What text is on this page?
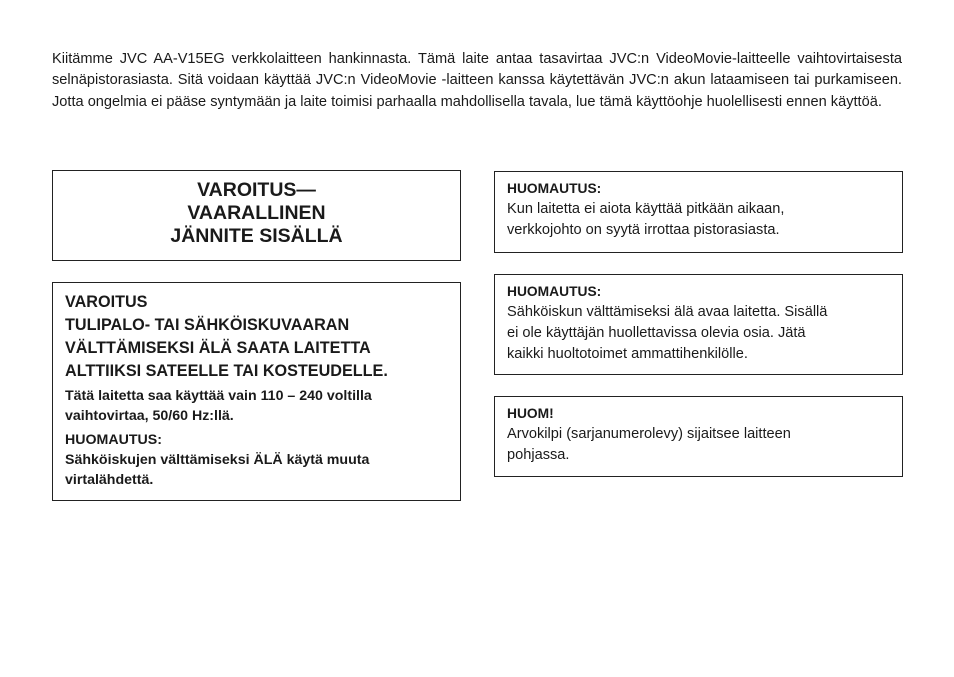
Kiitämme JVC AA-V15EG verkkolaitteen hankinnasta. Tämä laite antaa tasavirtaa JVC:n VideoMovie-laitteelle vaihtovirtaisesta selnäpistorasiasta. Sitä voidaan käyttää JVC:n VideoMovie -laitteen kanssa käytettävän JVC:n akun lataamiseen tai purkamiseen. Jotta ongelmia ei pääse syntymään ja laite toimisi parhaalla mahdollisella tavala, lue tämä käyttöohje huolellisesti ennen käyttöä.

VAROITUS—
VAARALLINEN
JÄNNITE SISÄLLÄ
VAROITUS
TULIPALO- TAI SÄHKÖISKUVAARAN
VÄLTTÄMISEKSI ÄLÄ SAATA LAITETTA
ALTTIIKSI SATEELLE TAI KOSTEUDELLE.
Tätä laitetta saa käyttää vain 110 – 240 voltilla vaihtovirtaa, 50/60 Hz:llä.
HUOMAUTUS:
Sähköiskujen välttämiseksi ÄLÄ käytä muuta virtalähdettä.
HUOMAUTUS:
Kun laitetta ei aiota käyttää pitkään aikaan,
verkkojohto on syytä irrottaa pistorasiasta.
HUOMAUTUS:
Sähköiskun välttämiseksi älä avaa laitetta. Sisällä
ei ole käyttäjän huollettavissa olevia osia. Jätä
kaikki huoltotoimet ammattihenkilölle.
HUOM!
Arvokilpi (sarjanumerolevy) sijaitsee laitteen
pohjassa.
